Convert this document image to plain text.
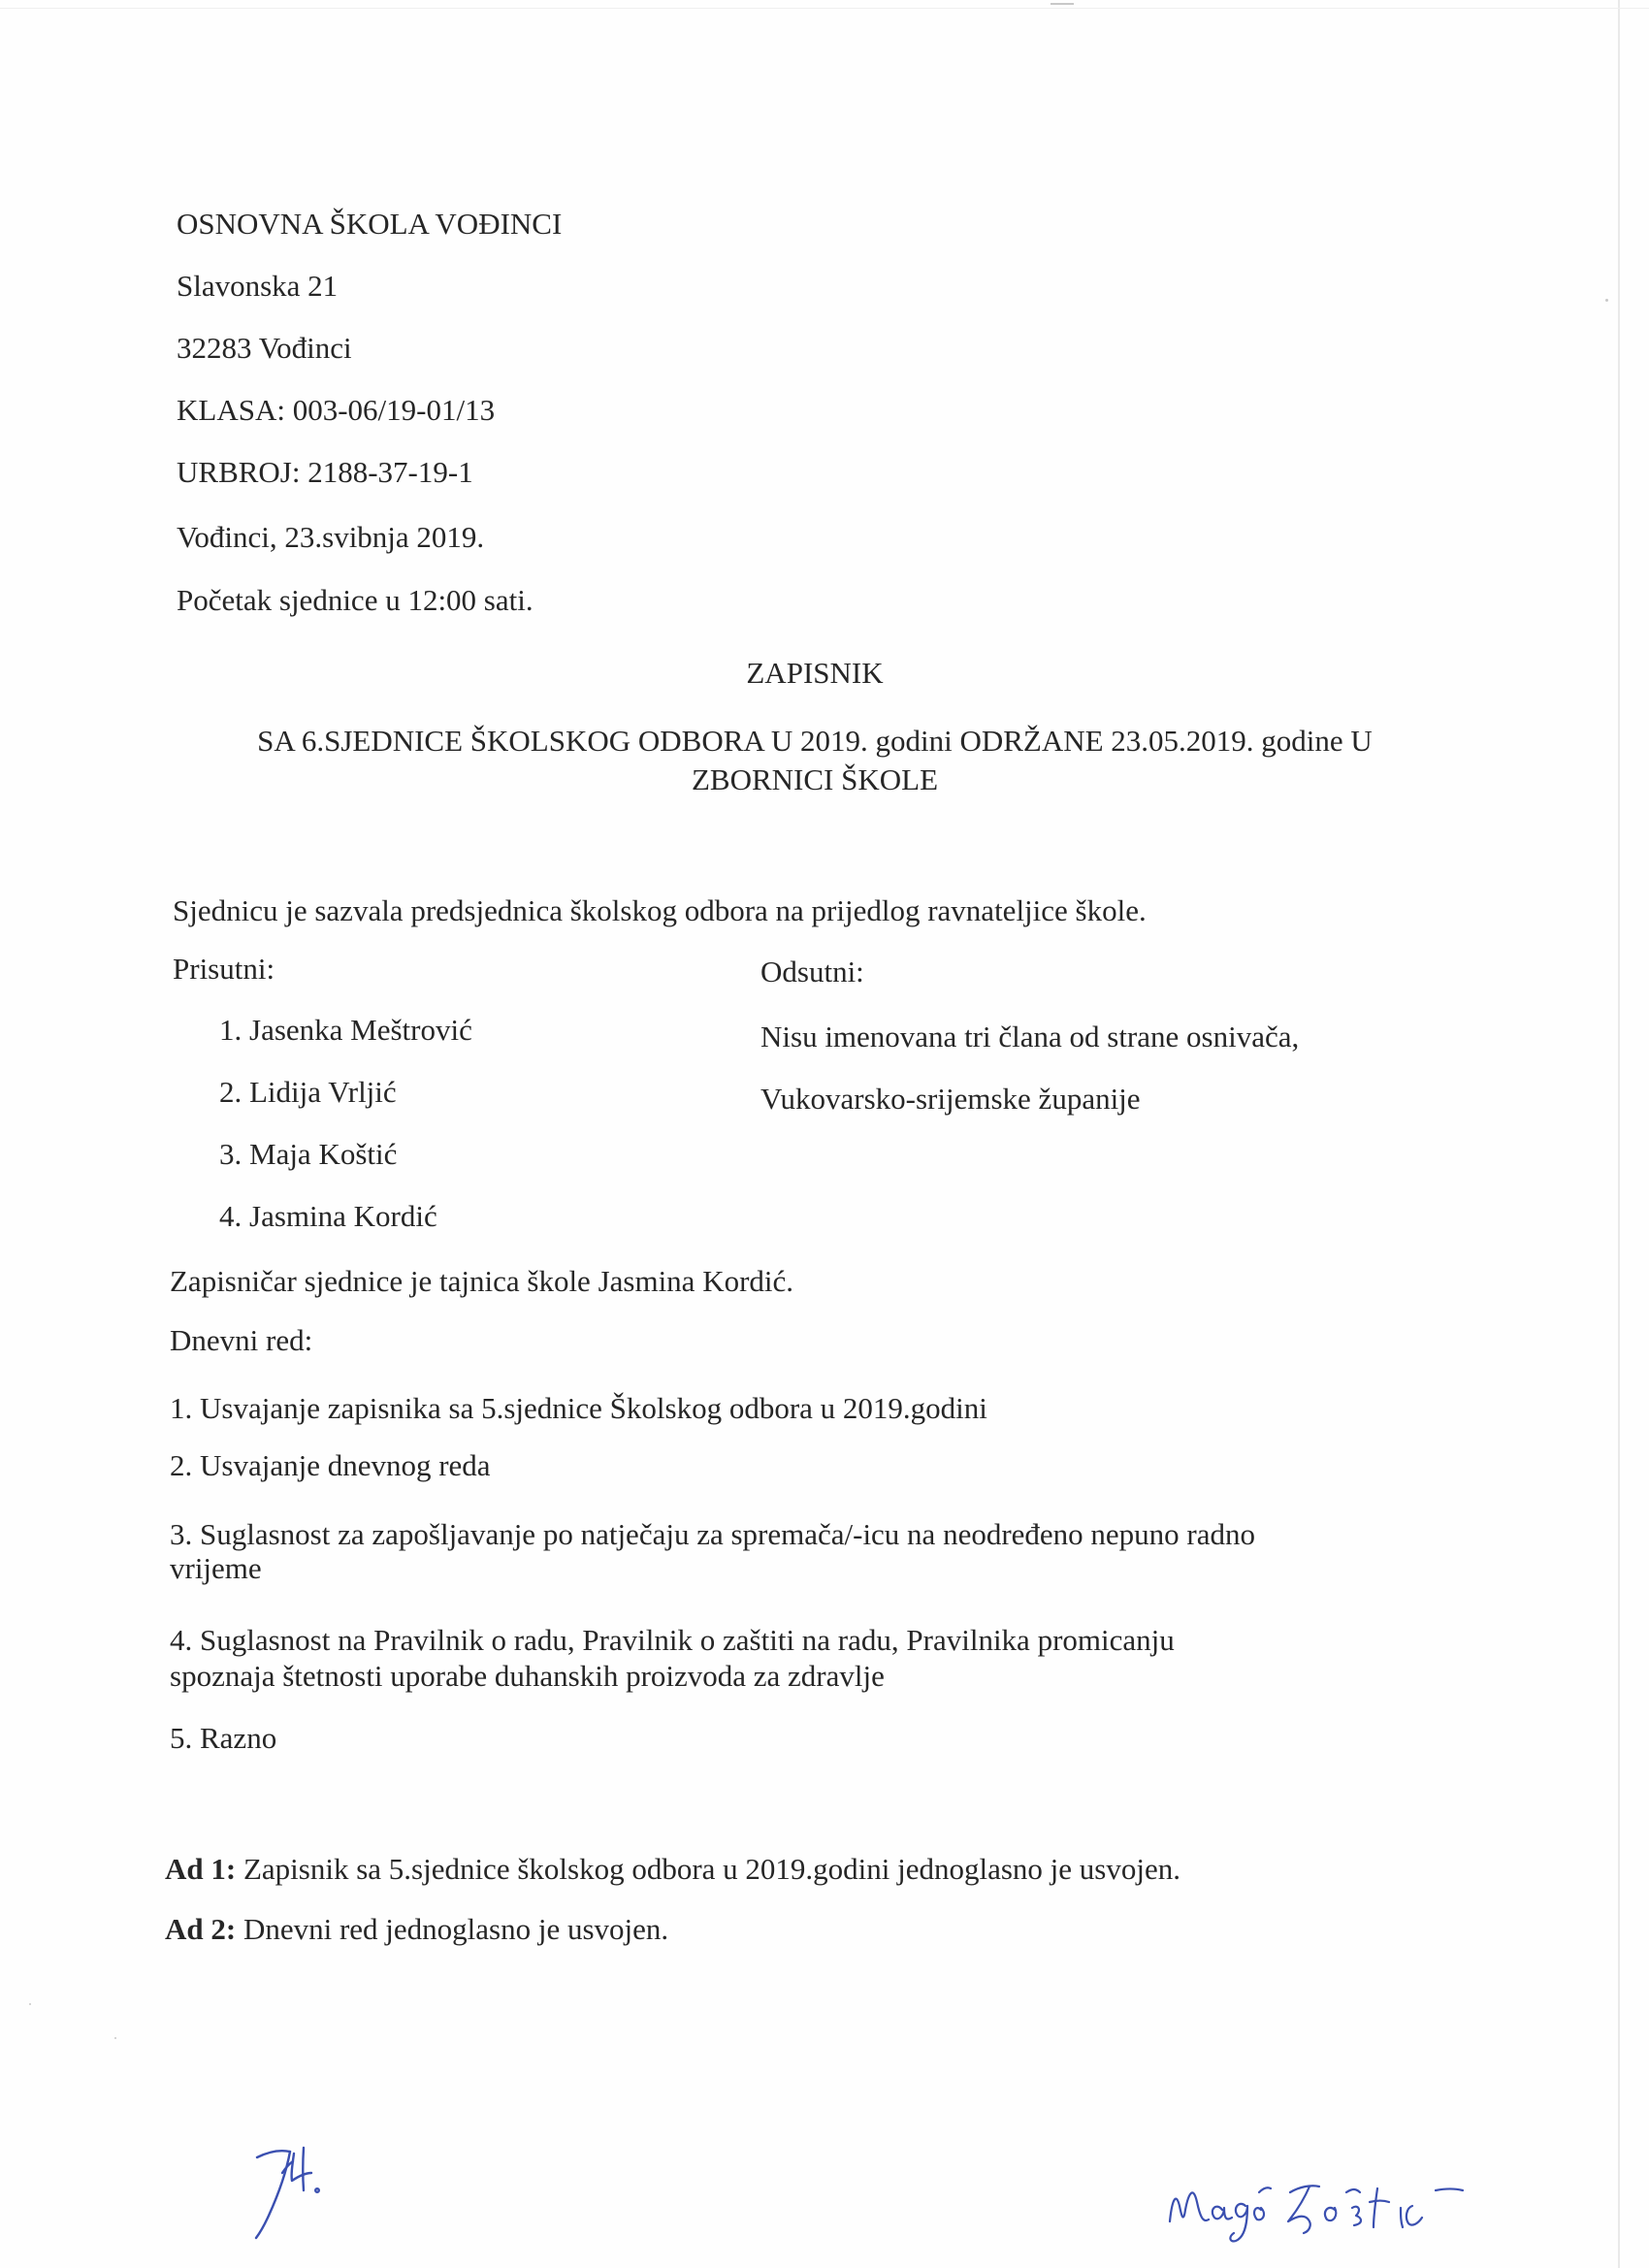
OSNOVNA ŠKOLA VOĐINCI
Slavonska 21
32283 Vođinci
KLASA: 003-06/19-01/13
URBROJ: 2188-37-19-1
Vođinci, 23.svibnja 2019.
Početak sjednice u 12:00 sati.
ZAPISNIK
SA 6.SJEDNICE ŠKOLSKOG ODBORA U 2019. godini ODRŽANE 23.05.2019. godine U
ZBORNICI ŠKOLE
Sjednicu je sazvala predsjednica školskog odbora na prijedlog ravnateljice škole.
Prisutni:	Odsutni:
1. Jasenka Meštrović
2. Lidija Vrljić
3. Maja Koštić
4. Jasmina Kordić
Nisu imenovana tri člana od strane osnivača,
Vukovarsko-srijemske županije
Zapisničar sjednice je tajnica škole Jasmina Kordić.
Dnevni red:
1. Usvajanje zapisnika sa 5.sjednice Školskog odbora u 2019.godini
2. Usvajanje dnevnog reda
3. Suglasnost za zapošljavanje po natječaju za spremača/-icu na neodređeno nepuno radno
vrijeme
4. Suglasnost na Pravilnik o radu, Pravilnik o zaštiti na radu, Pravilnika promicanju
spoznaja štetnosti uporabe duhanskih proizvoda za zdravlje
5. Razno
Ad 1: Zapisnik sa 5.sjednice školskog odbora u 2019.godini jednoglasno je usvojen.
Ad 2: Dnevni red jednoglasno je usvojen.
